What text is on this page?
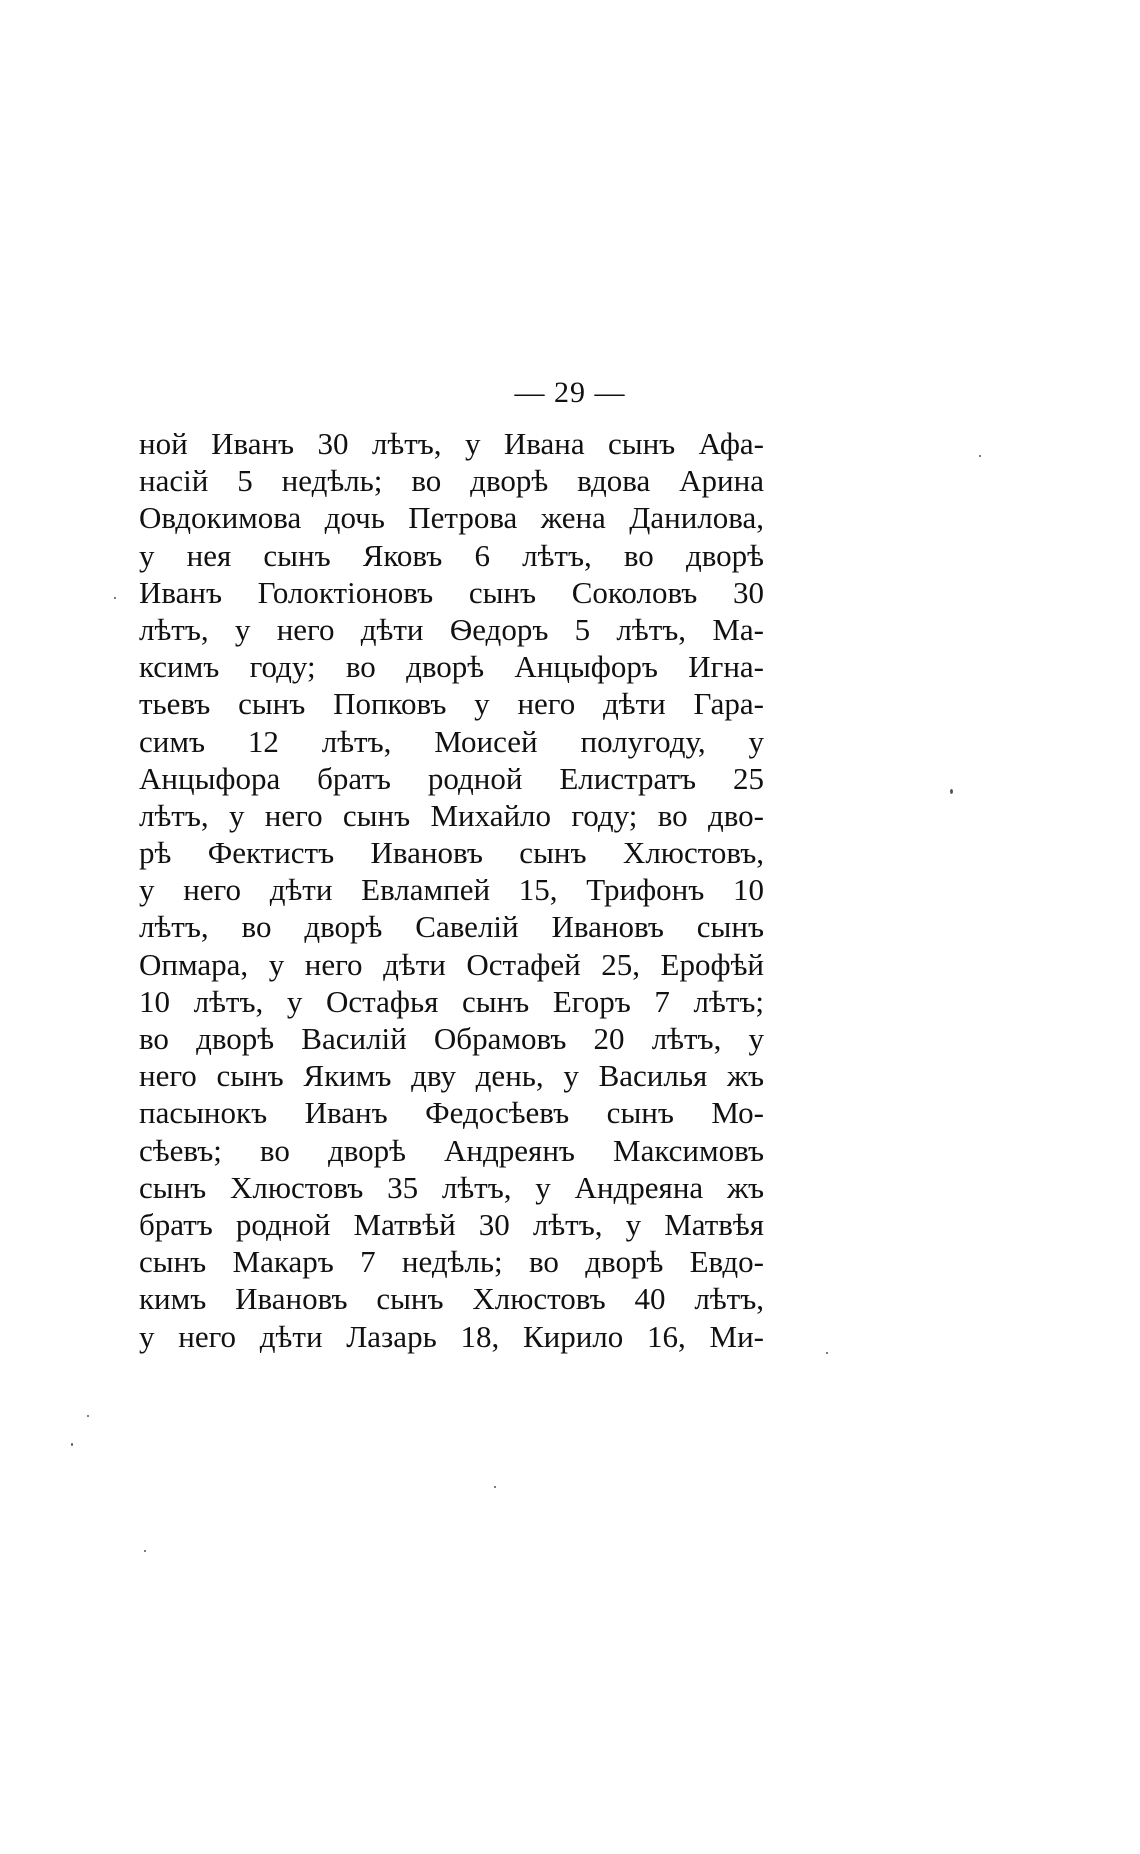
— 29 —
ной Иванъ 30 лѣтъ, у Ивана сынъ Афа-
насій 5 недѣль; во дворѣ вдова Арина
Овдокимова дочь Петрова жена Данилова,
у нея сынъ Яковъ 6 лѣтъ, во дворѣ
Иванъ Голоктіоновъ сынъ Соколовъ 30
лѣтъ, у него дѣти Ѳедоръ 5 лѣтъ, Ма-
ксимъ году; во дворѣ Анцыфоръ Игна-
тьевъ сынъ Попковъ у него дѣти Гара-
симъ 12 лѣтъ, Моисей полугоду, у
Анцыфора братъ родной Елистратъ 25
лѣтъ, у него сынъ Михайло году; во дво-
рѣ Фектистъ Ивановъ сынъ Хлюстовъ,
у него дѣти Евлампей 15, Трифонъ 10
лѣтъ, во дворѣ Савелій Ивановъ сынъ
Опмара, у него дѣти Остафей 25, Ерофѣй
10 лѣтъ, у Остафья сынъ Егоръ 7 лѣтъ;
во дворѣ Василій Обрамовъ 20 лѣтъ, у
него сынъ Якимъ дву день, у Василья жъ
пасынокъ Иванъ Федосѣевъ сынъ Мо-
сѣевъ; во дворѣ Андреянъ Максимовъ
сынъ Хлюстовъ 35 лѣтъ, у Андреяна жъ
братъ родной Матвѣй 30 лѣтъ, у Матвѣя
сынъ Макаръ 7 недѣль; во дворѣ Евдо-
кимъ Ивановъ сынъ Хлюстовъ 40 лѣтъ,
у него дѣти Лазарь 18, Кирило 16, Ми-
